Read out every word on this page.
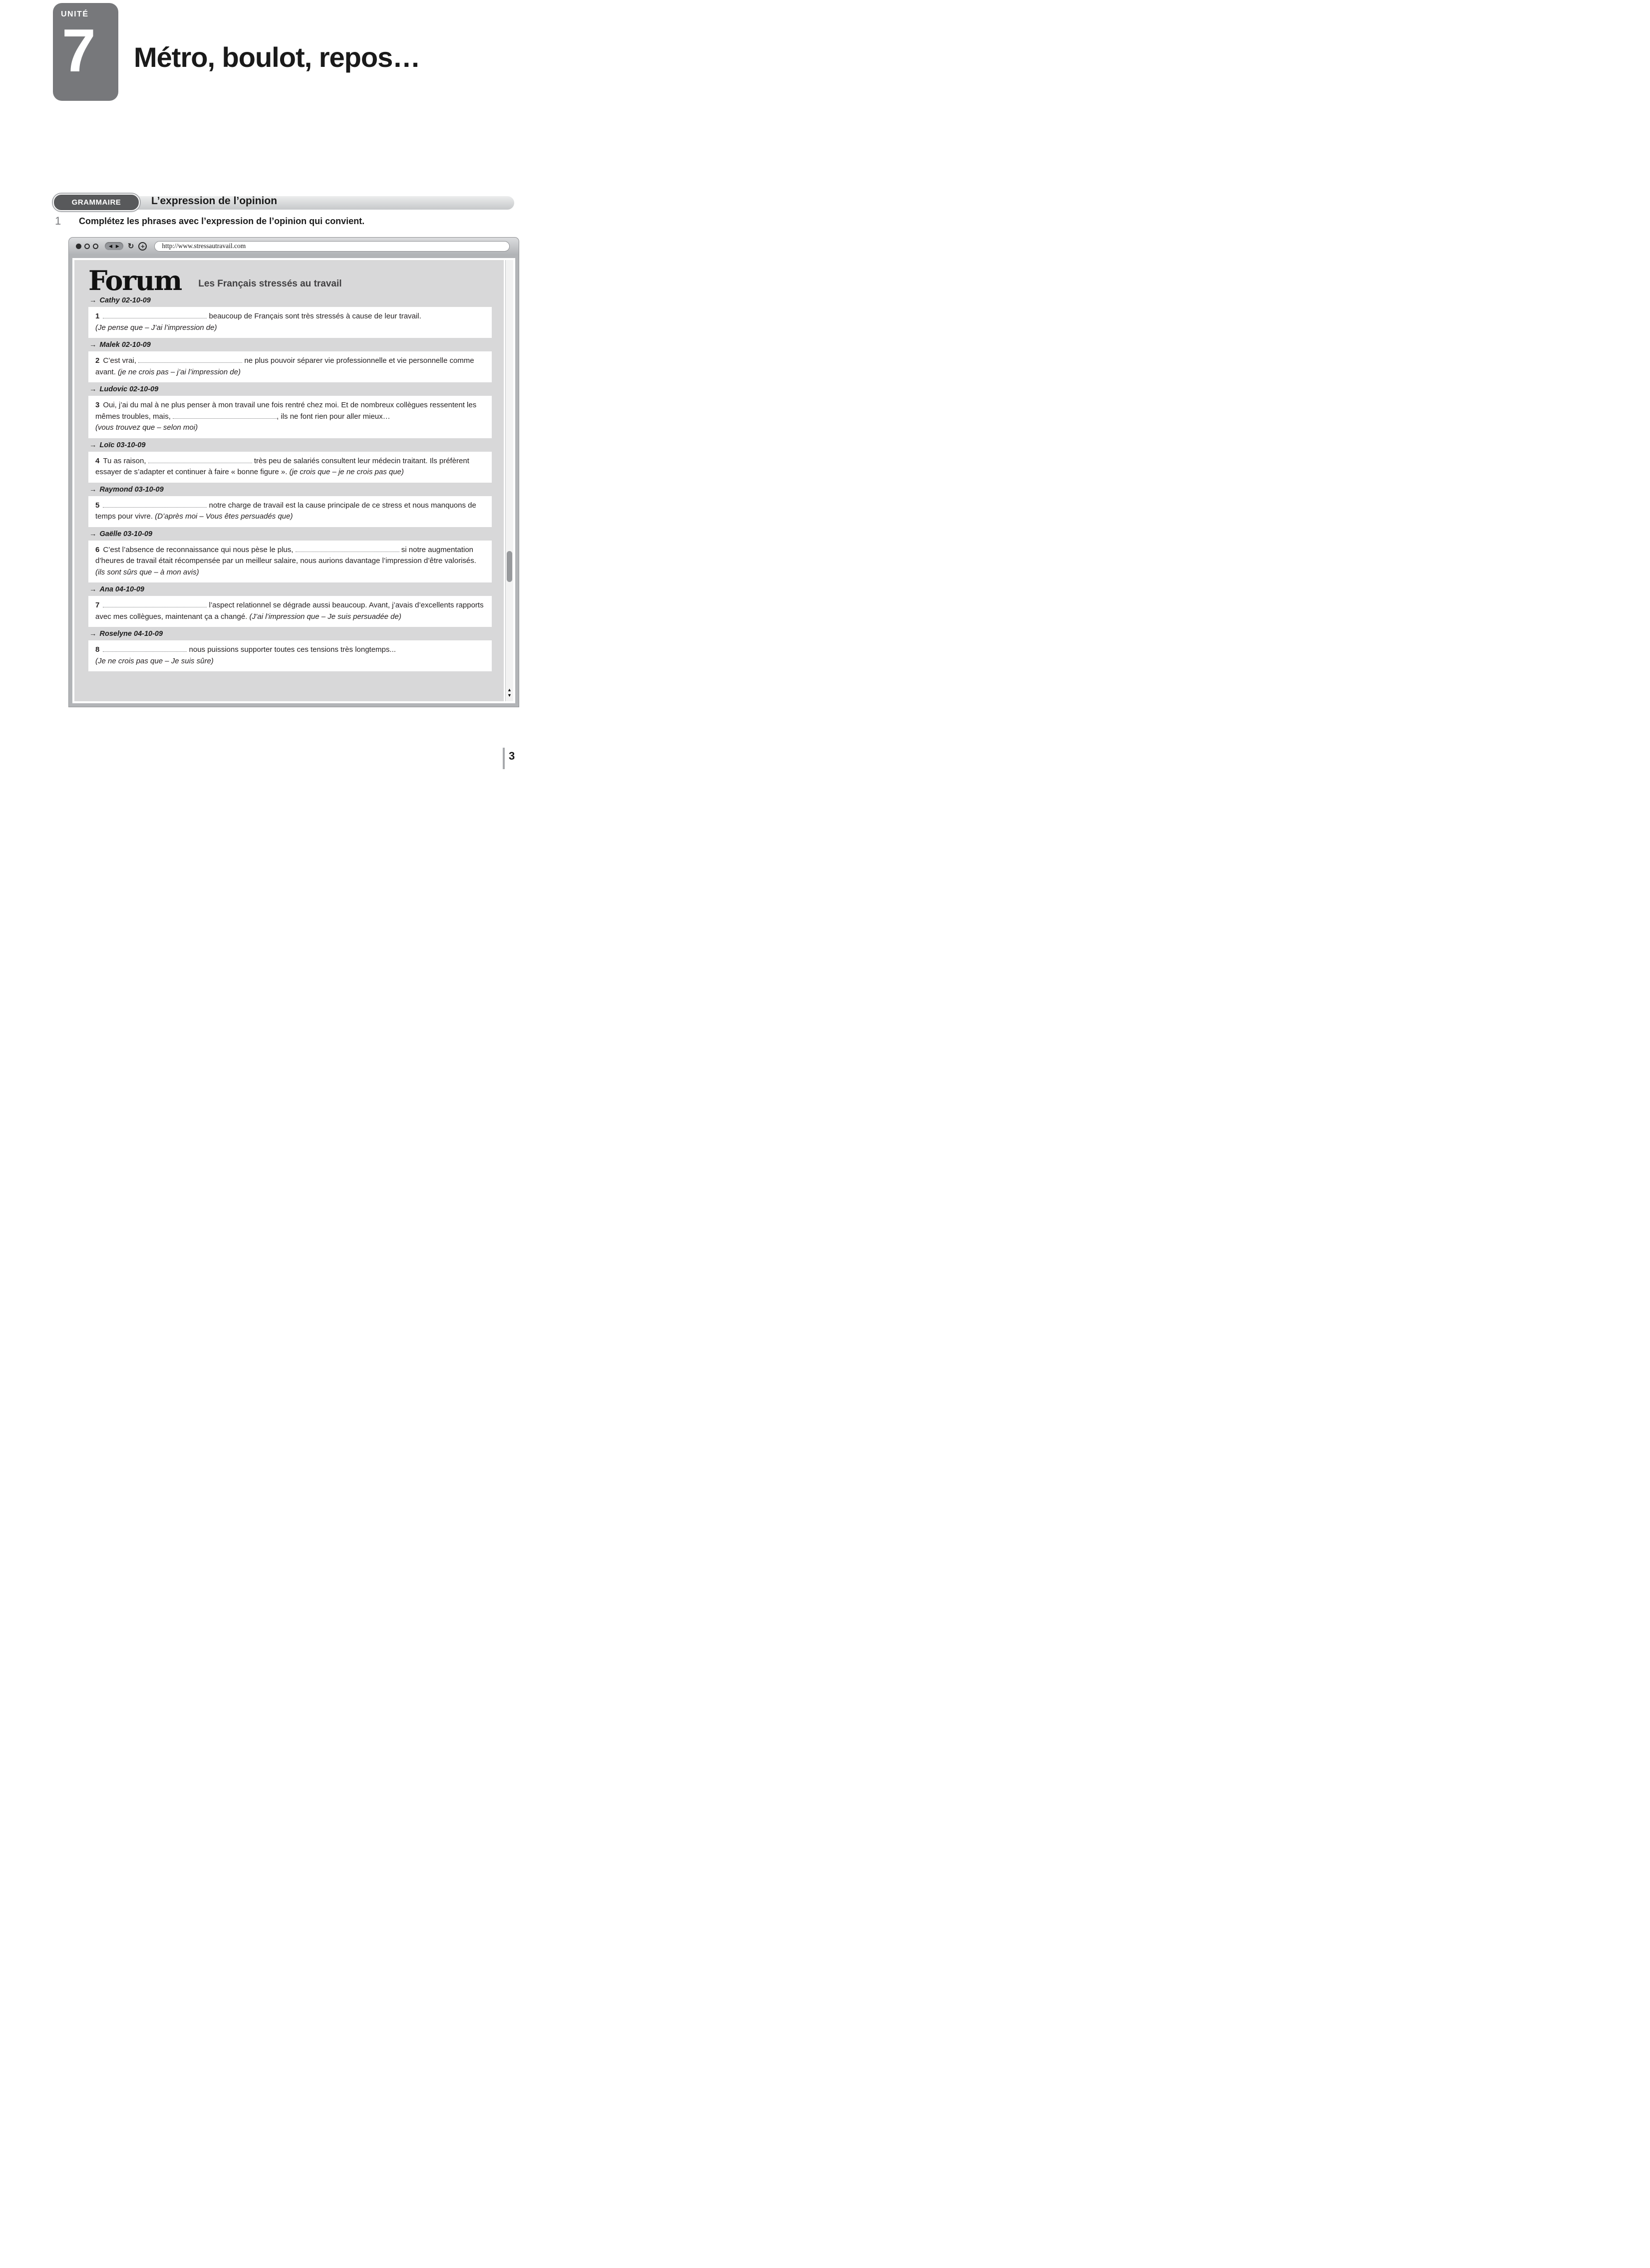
UNITÉ
7	Métro, boulot, repos…
GRAMMAIRE	L’expression de l’opinion
1 Complétez les phrases avec l’expression de l’opinion qui convient.
◀ ▶ ↻	+	http://www.stressautravail.com
Forum Les Français stressés au travail
→ Cathy 02-10-09

1	beaucoup de Français sont très stressés à cause de leur travail.
(Je pense que – J’ai l’impression de)

→ Malek 02-10-09

2 C’est vrai,	ne plus pouvoir séparer vie professionnelle et vie personnelle comme avant. (je ne crois pas – j’ai l’impression de)

→ Ludovic 02-10-09

3 Oui, j’ai du mal à ne plus penser à mon travail une fois rentré chez moi. Et de nombreux collègues ressentent les mêmes troubles, mais,	, ils ne font rien pour aller mieux…
(vous trouvez que – selon moi)

→ Loïc 03-10-09

4 Tu as raison,	très peu de salariés consultent leur médecin traitant. Ils préfèrent essayer de s’adapter et continuer à faire « bonne figure ». (je crois que – je ne crois pas que)

→ Raymond 03-10-09

5	notre charge de travail est la cause principale de ce stress et nous manquons de temps pour vivre. (D’après moi – Vous êtes persuadés que)

→ Gaëlle 03-10-09

6 C’est l’absence de reconnaissance qui nous pèse le plus,	si notre augmentation d’heures de travail était récompensée par un meilleur salaire, nous aurions davantage l’impression d’être valorisés. (ils sont sûrs que – à mon avis)

→ Ana 04-10-09

7	l’aspect relationnel se dégrade aussi beaucoup. Avant, j’avais d’excellents rapports avec mes collègues, maintenant ça a changé. (J’ai l’impression que – Je suis persuadée de)

→ Roselyne 04-10-09

8	nous puissions supporter toutes ces tensions très longtemps...
(Je ne crois pas que – Je suis sûre)

▲
▼
3
